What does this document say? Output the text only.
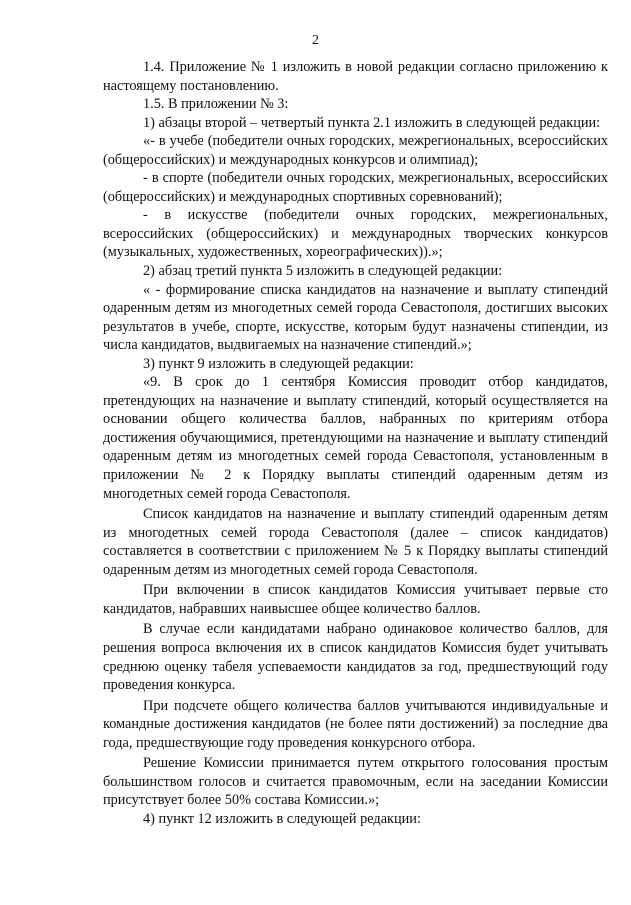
2

1.4. Приложение № 1 изложить в новой редакции согласно приложению к настоящему постановлению.

1.5. В приложении № 3:

1) абзацы второй – четвертый пункта 2.1 изложить в следующей редакции:

«- в учебе (победители очных городских, межрегиональных, всероссийских (общероссийских) и международных конкурсов и олимпиад);

- в спорте (победители очных городских, межрегиональных, всероссийских (общероссийских) и международных спортивных соревнований);

- в искусстве (победители очных городских, межрегиональных, всероссийских (общероссийских) и международных творческих конкурсов (музыкальных, художественных, хореографических)).»;

2) абзац третий пункта 5 изложить в следующей редакции:

« - формирование списка кандидатов на назначение и выплату стипендий одаренным детям из многодетных семей города Севастополя, достигших высоких результатов в учебе, спорте, искусстве, которым будут назначены стипендии, из числа кандидатов, выдвигаемых на назначение стипендий.»;

3) пункт 9 изложить в следующей редакции:

«9. В срок до 1 сентября Комиссия проводит отбор кандидатов, претендующих на назначение и выплату стипендий, который осуществляется на основании общего количества баллов, набранных по критериям отбора достижения обучающимися, претендующими на назначение и выплату стипендий одаренным детям из многодетных семей города Севастополя, установленным в приложении № 2 к Порядку выплаты стипендий одаренным детям из многодетных семей города Севастополя.

Список кандидатов на назначение и выплату стипендий одаренным детям из многодетных семей города Севастополя (далее – список кандидатов) составляется в соответствии с приложением № 5 к Порядку выплаты стипендий одаренным детям из многодетных семей города Севастополя.

При включении в список кандидатов Комиссия учитывает первые сто кандидатов, набравших наивысшее общее количество баллов.

В случае если кандидатами набрано одинаковое количество баллов, для решения вопроса включения их в список кандидатов Комиссия будет учитывать среднюю оценку табеля успеваемости кандидатов за год, предшествующий году проведения конкурса.

При подсчете общего количества баллов учитываются индивидуальные и командные достижения кандидатов (не более пяти достижений) за последние два года, предшествующие году проведения конкурсного отбора.

Решение Комиссии принимается путем открытого голосования простым большинством голосов и считается правомочным, если на заседании Комиссии присутствует более 50% состава Комиссии.»;

4) пункт 12 изложить в следующей редакции:
